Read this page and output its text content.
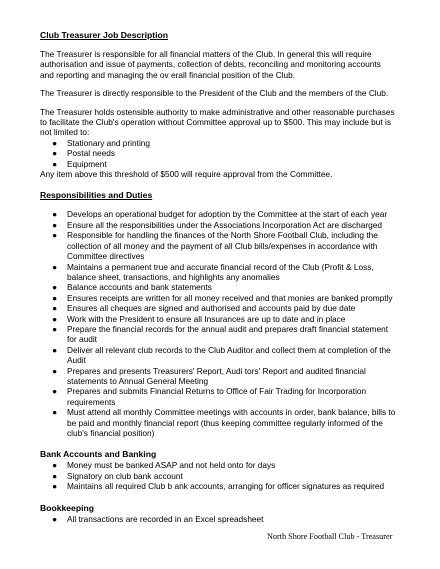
Club Treasurer Job Description

The Treasurer is responsible for all financial matters of the Club. In general this will require authorisation and issue of payments, collection of debts, reconciling and monitoring accounts and reporting and managing the ov erall financial position of the Club.

The Treasurer is directly responsible to the President of the Club and the members of the Club.

The Treasurer holds ostensible authority to make administrative and other reasonable purchases to facilitate the Club's operation without Committee approval up to $500. This may include but is not limited to:

● Stationary and printing
● Postal needs
● Equipment

Any item above this threshold of $500 will require approval from the Committee.

Responsibilities and Duties
● Develops an operational budget for adoption by the Committee at the start of each year
● Ensure all the responsibilities under the Associations Incorporation Act are discharged
● Responsible for handling the finances of the North Shore Football Club, including the collection of all money and the payment of all Club bills/expenses in accordance with Committee directives
● Maintains a permanent true and accurate financial record of the Club (Profit & Loss, balance sheet, transactions, and highlights any anomalies
● Balance accounts and bank statements
● Ensures receipts are written for all money received and that monies are banked promptly
● Ensures all cheques are signed and authorised and accounts paid by due date
● Work with the President to ensure all Insurances are up to date and in place
● Prepare the financial records for the annual audit and prepares draft financial statement for audit
● Deliver all relevant club records to the Club Auditor and collect them at completion of the Audit
● Prepares and presents Treasurers' Report, Audi tors' Report and audited financial statements to Annual General Meeting
● Prepares and submits Financial Returns to Office of Fair Trading for Incorporation requirements
● Must attend all monthly Committee meetings with accounts in order, bank balance, bills to be paid and monthly financial report (thus keeping committee regularly informed of the club's financial position)
Bank Accounts and Banking
● Money must be banked ASAP and not held onto for days
● Signatory on club bank account
● Maintains all required Club b ank accounts, arranging for officer signatures as required
Bookkeeping
● All transactions are recorded in an Excel spreadsheet
North Shore Football Club - Treasurer
